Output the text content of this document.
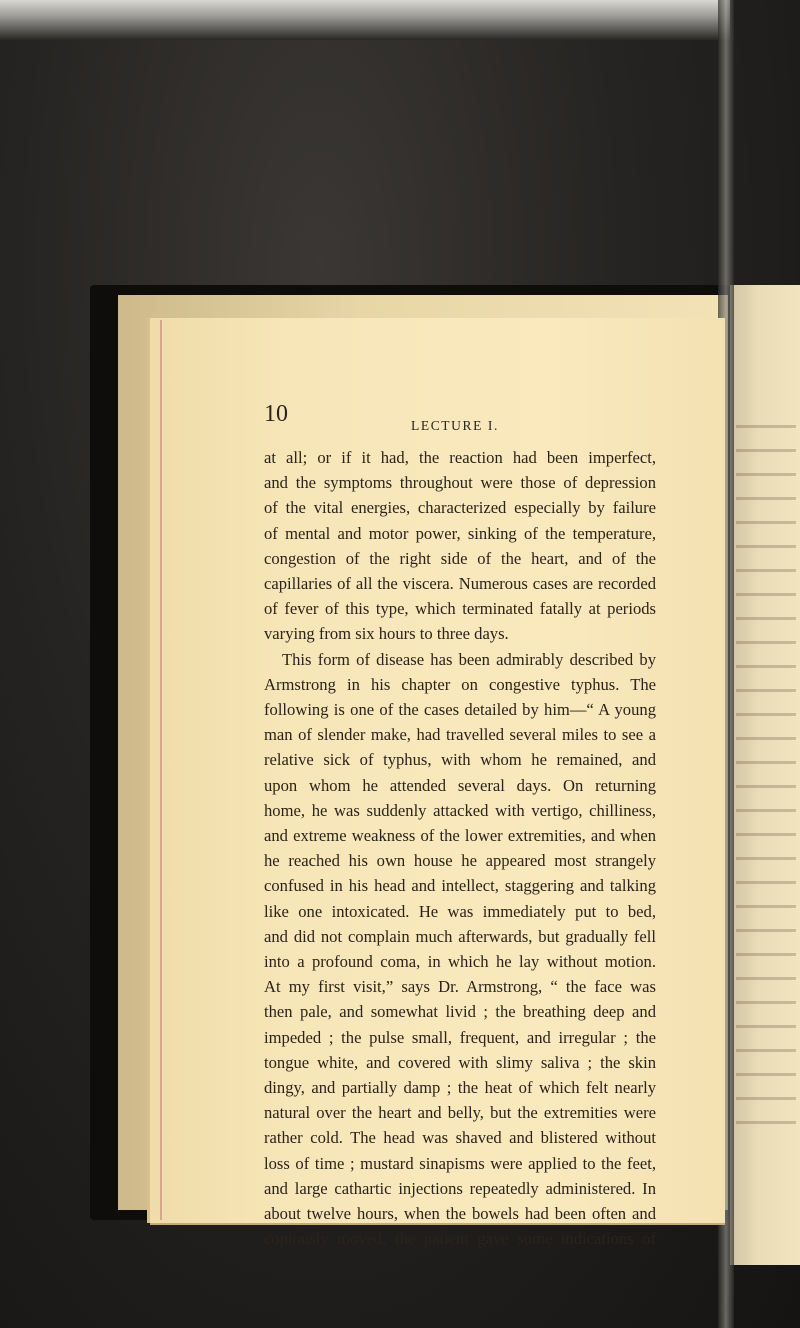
10	LECTURE I.
at all; or if it had, the reaction had been imperfect,
and the symptoms throughout were those of depression
of the vital energies, characterized especially by failure
of mental and motor power, sinking of the temperature,
congestion of the right side of the heart, and of the
capillaries of all the viscera. Numerous cases are recorded
of fever of this type, which terminated fatally at periods
varying from six hours to three days.
This form of disease has been admirably described by
Armstrong in his chapter on congestive typhus. The
following is one of the cases detailed by him—“ A young
man of slender make, had travelled several miles to see a
relative sick of typhus, with whom he remained, and
upon whom he attended several days. On returning
home, he was suddenly attacked with vertigo, chilliness,
and extreme weakness of the lower extremities, and when
he reached his own house he appeared most strangely
confused in his head and intellect, staggering and talking
like one intoxicated. He was immediately put to bed,
and did not complain much afterwards, but gradually fell
into a profound coma, in which he lay without motion.
At my first visit,” says Dr. Armstrong, “ the face was
then pale, and somewhat livid ; the breathing deep and
impeded ; the pulse small, frequent, and irregular ; the
tongue white, and covered with slimy saliva ; the skin
dingy, and partially damp ; the heat of which felt nearly
natural over the heart and belly, but the extremities were
rather cold. The head was shaved and blistered without
loss of time ; mustard sinapisms were applied to the feet,
and large cathartic injections repeatedly administered. In
about twelve hours, when the bowels had been often and
copiously moved, the patient gave some indications of
